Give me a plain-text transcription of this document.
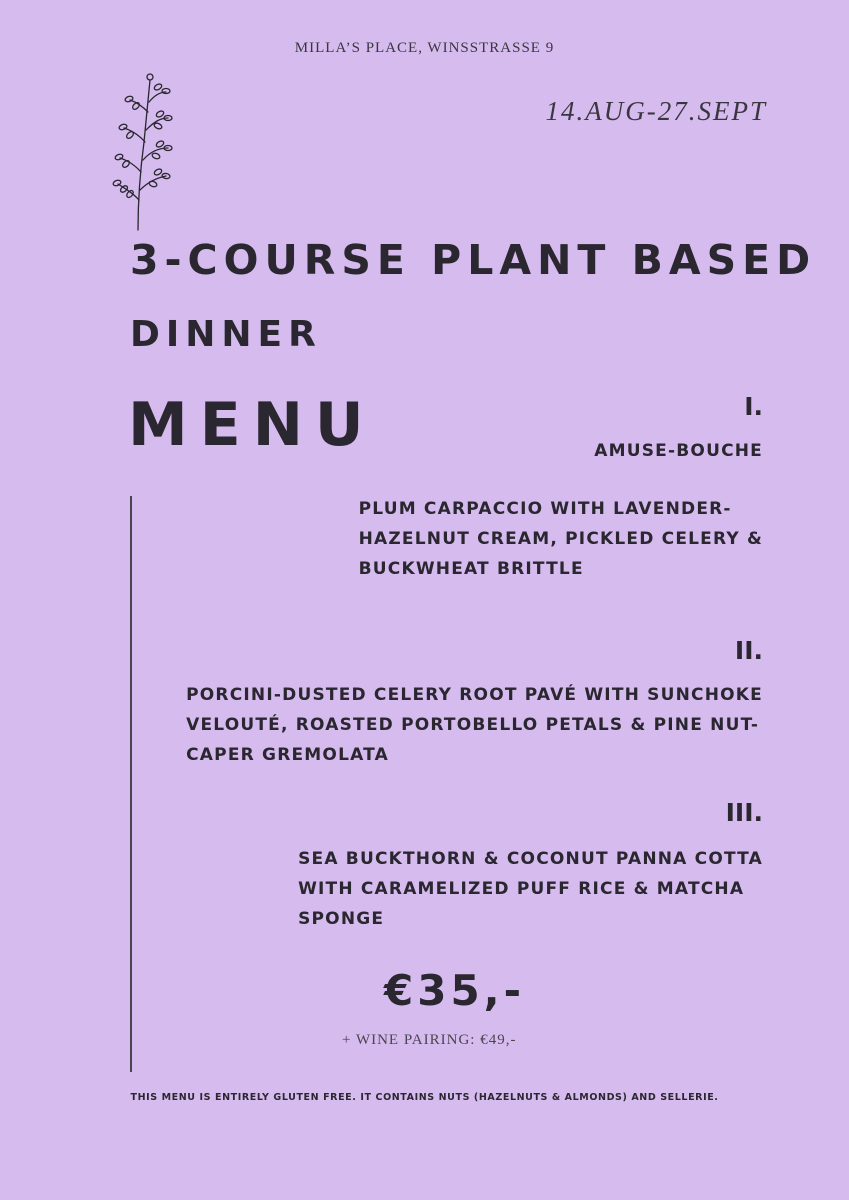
MILLA’S PLACE, WINSSTRASSE 9
14.AUG-27.SEPT
3-COURSE PLANT BASED
DINNER
MENU	I.
AMUSE-BOUCHE
PLUM CARPACCIO WITH LAVENDER-
HAZELNUT CREAM, PICKLED CELERY &
BUCKWHEAT BRITTLE
II.
PORCINI-DUSTED CELERY ROOT PAVÉ WITH SUNCHOKE
VELOUTÉ, ROASTED PORTOBELLO PETALS & PINE NUT-
CAPER GREMOLATA
III.
SEA BUCKTHORN & COCONUT PANNA COTTA
WITH CARAMELIZED PUFF RICE & MATCHA
SPONGE
€35,-
+ WINE PAIRING: €49,-
THIS MENU IS ENTIRELY GLUTEN FREE. IT CONTAINS NUTS (HAZELNUTS & ALMONDS) AND SELLERIE.
